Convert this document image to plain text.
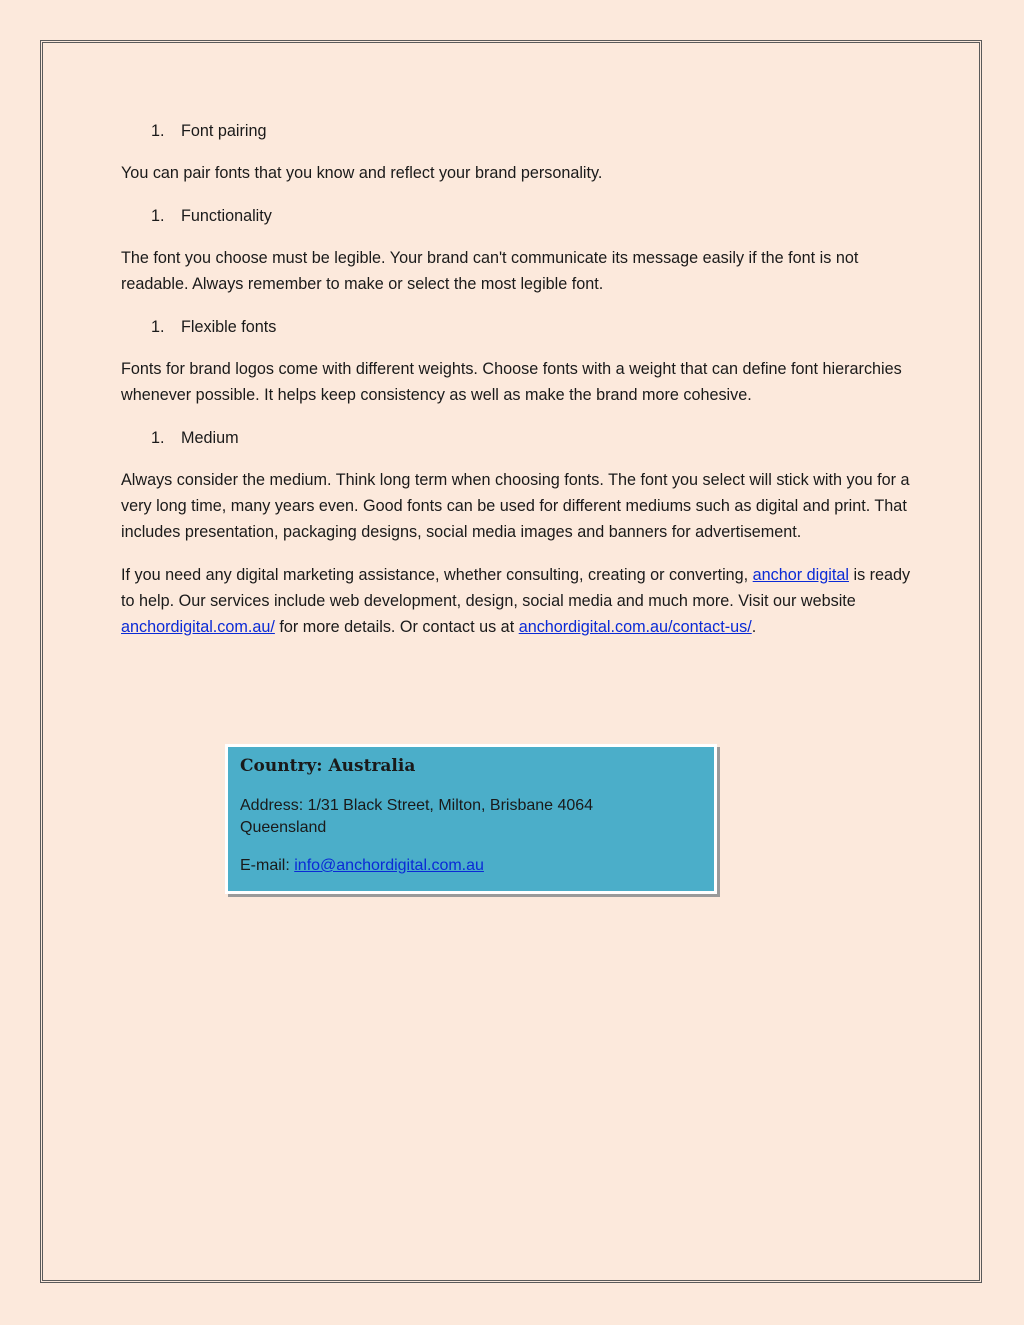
1.	Font pairing

You can pair fonts that you know and reflect your brand personality.

1.	Functionality

The font you choose must be legible. Your brand can't communicate its message easily if the font is not readable. Always remember to make or select the most legible font.

1.	Flexible fonts

Fonts for brand logos come with different weights. Choose fonts with a weight that can define font hierarchies whenever possible. It helps keep consistency as well as make the brand more cohesive.

1.	Medium

Always consider the medium. Think long term when choosing fonts. The font you select will stick with you for a very long time, many years even. Good fonts can be used for different mediums such as digital and print. That includes presentation, packaging designs, social media images and banners for advertisement.

If you need any digital marketing assistance, whether consulting, creating or converting, anchor digital is ready to help. Our services include web development, design, social media and much more. Visit our website anchordigital.com.au/ for more details. Or contact us at anchordigital.com.au/contact-us/.

Country: Australia
Address: 1/31 Black Street, Milton, Brisbane 4064
Queensland
E-mail: info@anchordigital.com.au
